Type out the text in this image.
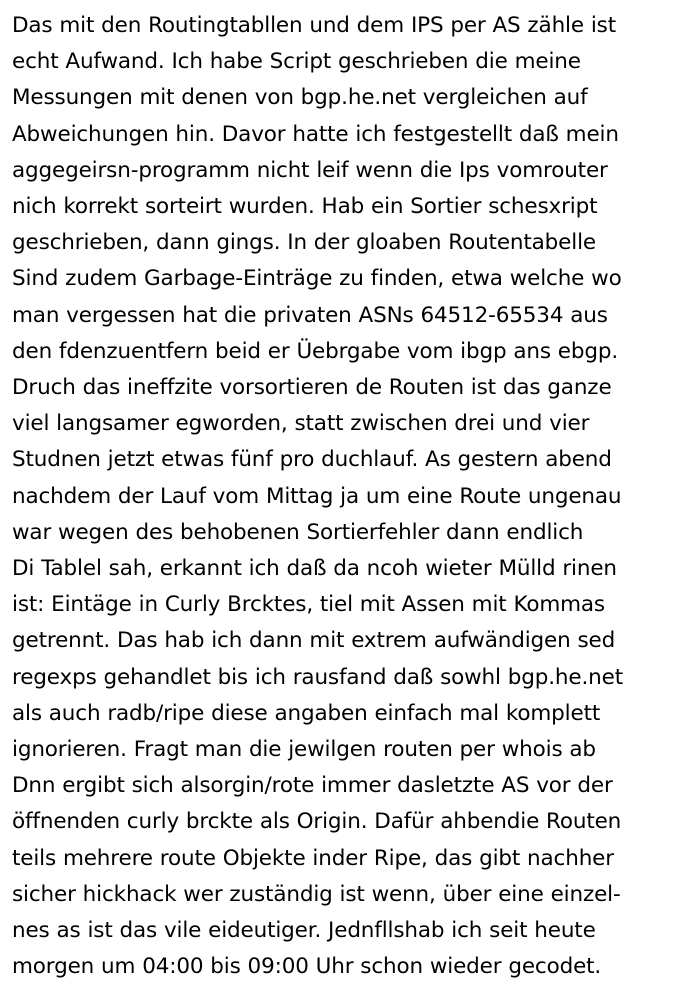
Das mit den Routingtabllen und dem IPS per AS zähle ist
echt Aufwand. Ich habe Script geschrieben die meine
Messungen mit denen von bgp.he.net vergleichen auf
Abweichungen hin. Davor hatte ich festgestellt daß mein
aggegeirsn-programm nicht leif wenn die Ips vomrouter
nich korrekt sorteirt wurden. Hab ein Sortier schesxript
geschrieben, dann gings. In der gloaben Routentabelle
Sind zudem Garbage-Einträge zu finden, etwa welche wo
man vergessen hat die privaten ASNs 64512-65534 aus
den fdenzuentfern beid er Üebrgabe vom ibgp ans ebgp.
Druch das ineffzite vorsortieren de Routen ist das ganze
viel langsamer egworden, statt zwischen drei und vier
Studnen jetzt etwas fünf pro duchlauf. As gestern abend
nachdem der Lauf vom Mittag ja um eine Route ungenau
war wegen des behobenen Sortierfehler dann endlich
Di Tablel sah, erkannt ich daß da ncoh wieter Mülld rinen
ist: Eintäge in Curly Brcktes, tiel mit Assen mit Kommas
getrennt. Das hab ich dann mit extrem aufwändigen sed
regexps gehandlet bis ich rausfand daß sowhl bgp.he.net
als auch radb/ripe diese angaben einfach mal komplett
ignorieren. Fragt man die jewilgen routen per whois ab
Dnn ergibt sich alsorgin/rote immer dasletzte AS vor der
öffnenden curly brckte als Origin. Dafür ahbendie Routen
teils mehrere route Objekte inder Ripe, das gibt nachher
sicher hickhack wer zuständig ist wenn, über eine einzel-
nes as ist das vile eideutiger. Jednfllshab ich seit heute
morgen um 04:00 bis 09:00 Uhr schon wieder gecodet.
